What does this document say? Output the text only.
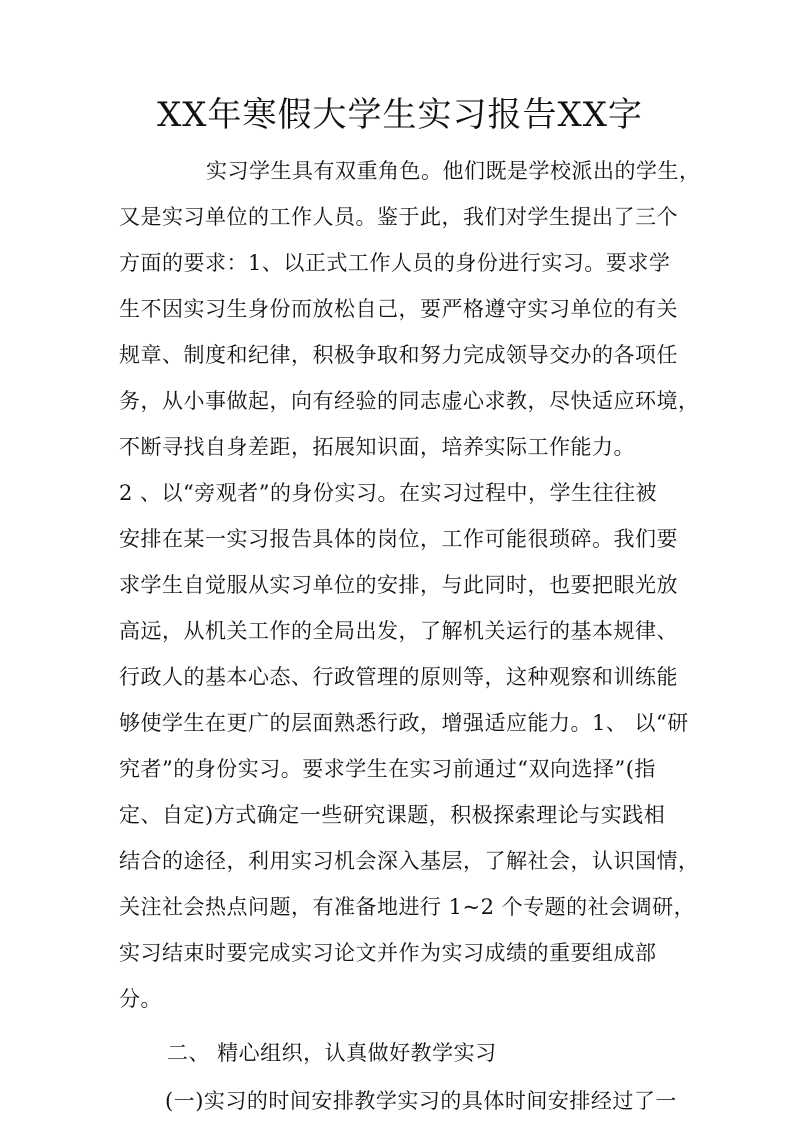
XX年寒假大学生实习报告XX字
实习学生具有双重角色。他们既是学校派出的学生，
又是实习单位的工作人员。鉴于此，我们对学生提出了三个
方面的要求：1、以正式工作人员的身份进行实习。要求学
生不因实习生身份而放松自己，要严格遵守实习单位的有关
规章、制度和纪律，积极争取和努力完成领导交办的各项任
务，从小事做起，向有经验的同志虚心求教，尽快适应环境，
不断寻找自身差距，拓展知识面，培养实际工作能力。
2 、以“旁观者”的身份实习。在实习过程中，学生往往被
安排在某一实习报告具体的岗位，工作可能很琐碎。我们要
求学生自觉服从实习单位的安排，与此同时，也要把眼光放
高远，从机关工作的全局出发，了解机关运行的基本规律、
行政人的基本心态、行政管理的原则等，这种观察和训练能
够使学生在更广的层面熟悉行政，增强适应能力。1、 以“研
究者”的身份实习。要求学生在实习前通过“双向选择”(指
定、自定)方式确定一些研究课题，积极探索理论与实践相
结合的途径，利用实习机会深入基层，了解社会，认识国情，
关注社会热点问题，有准备地进行 1~2 个专题的社会调研，
实习结束时要完成实习论文并作为实习成绩的重要组成部
分。
二、 精心组织，认真做好教学实习
(一)实习的时间安排教学实习的具体时间安排经过了一
